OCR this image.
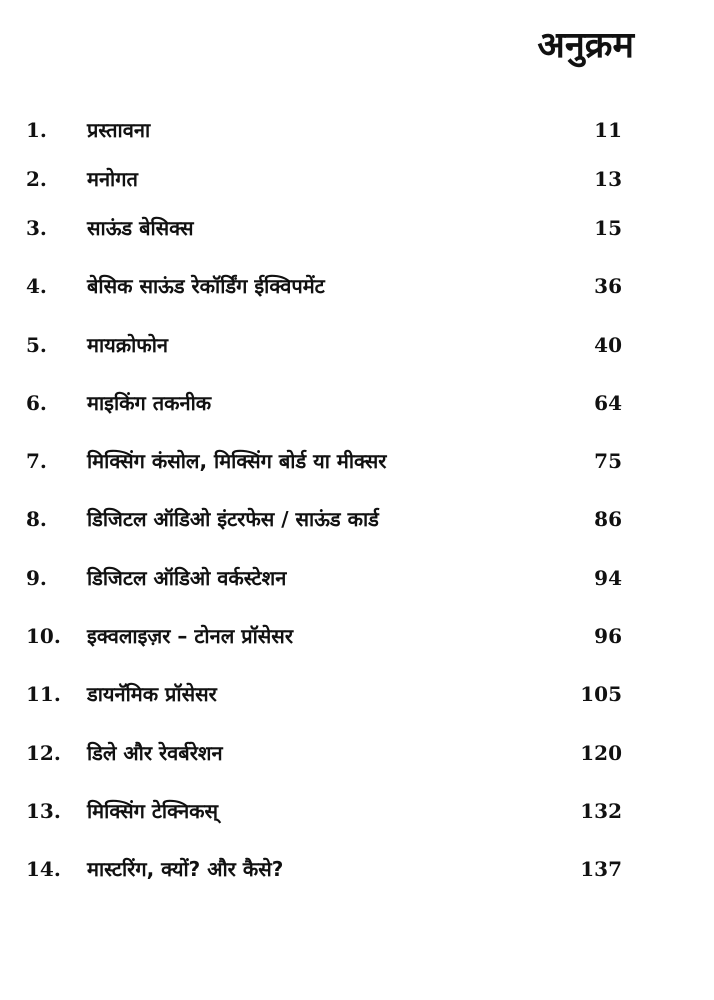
अनुक्रम
1. प्रस्तावना	11
2. मनोगत	13
3. साऊंड बेसिक्स	15
4. बेसिक साऊंड रेकॉर्डिंग ईक्विपमेंट	36
5. मायक्रोफोन	40
6. माइकिंग तकनीक	64
7. मिक्सिंग कंसोल, मिक्सिंग बोर्ड या मीक्सर	75
8. डिजिटल ऑडिओ इंटरफेस / साऊंड कार्ड	86
9. डिजिटल ऑडिओ वर्कस्टेशन	94
10. इक्वलाइज़र – टोनल प्रॉसेसर	96
11. डायनॅमिक प्रॉसेसर	105
12. डिले और रेवर्बरेशन	120
13. मिक्सिंग टेक्निकस्	132
14. मास्टरिंग, क्यों? और कैसे?	137
